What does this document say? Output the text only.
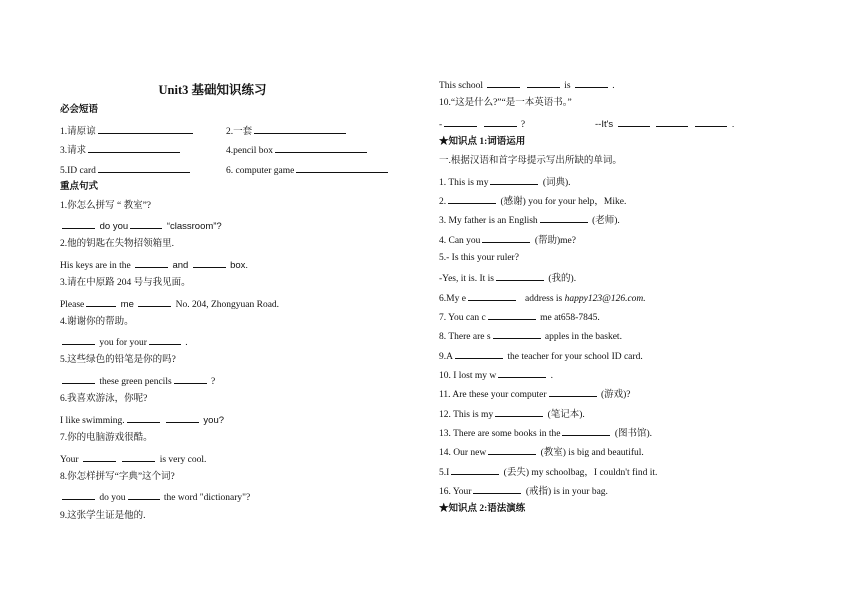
Unit3 基础知识练习
必会短语
1.请原谅	2.一套
3.请求	4.pencil box
5.ID card	6. computer game
重点句式
1.你怎么拼写 “ 教室”?
do you	“classroom”?
2.他的钥匙在失物招领箱里.
His keys are in the	and	box.
3.请在中原路 204 号与我见面。
Please	me	No. 204, Zhongyuan Road.
4.谢谢你的帮助。
you for your	.
5.这些绿色的铅笔是你的吗?
these green pencils	?
6.我喜欢游泳，你呢?
I like swimming.	you?
7.你的电脑游戏很酷。
Your	is very cool.
8.你怎样拼写“字典”这个词?
do you	the word "dictionary"?
9.这张学生证是他的.
This school	is	.
10.“这是什么?”“是一本英语书。”
-	?	--It's	.
★知识点 1:词语运用
一.根据汉语和首字母提示写出所缺的单词。
1. This is my	(词典).
2.	(感谢) you for your help，Mike.
3. My father is an English	(老师).
4. Can you	(帮助)me?
5.- Is this your ruler?
-Yes, it is. It is	(我的).
6.My e	address is happy123@126.com.
7. You can c	me at658-7845.
8. There are s	apples in the basket.
9.A	the teacher for your school ID card.
10. I lost my w	.
11. Are these your computer	(游戏)?
12. This is my	(笔记本).
13. There are some books in the	(图书馆).
14. Our new	(教室) is big and beautiful.
5.I	(丢失) my schoolbag，I couldn't find it.
16. Your	(戒指) is in your bag.
★知识点 2:语法演练
